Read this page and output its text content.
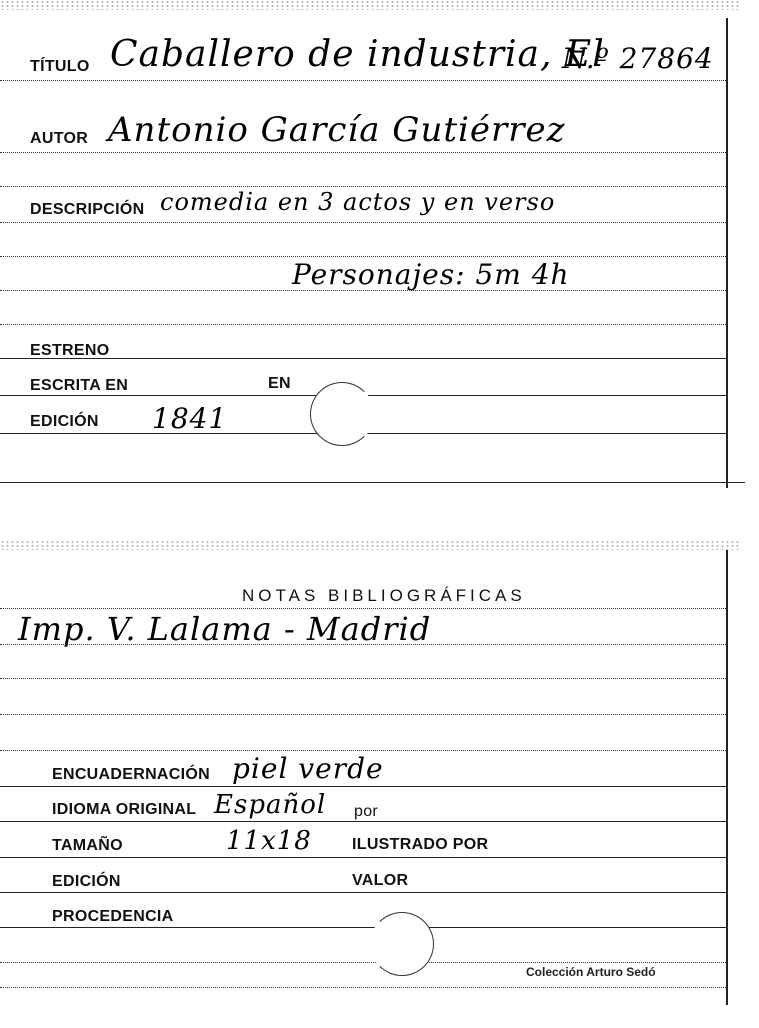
TÍTULO Caballero de industria, El
N.º 27864
AUTOR Antonio García Gutiérrez
DESCRIPCIÓN comedia en 3 actos y en verso
Personajes: 5m 4h
ESTRENO
ESCRITA EN	EN
EDICIÓN 1841
NOTAS BIBLIOGRÁFICAS
Imp. V. Lalama - Madrid
ENCUADERNACIÓN piel verde
IDIOMA ORIGINAL Español por
TAMAÑO	11x18	ILUSTRADO POR
EDICIÓN	VALOR
PROCEDENCIA
Colección Arturo Sedó
